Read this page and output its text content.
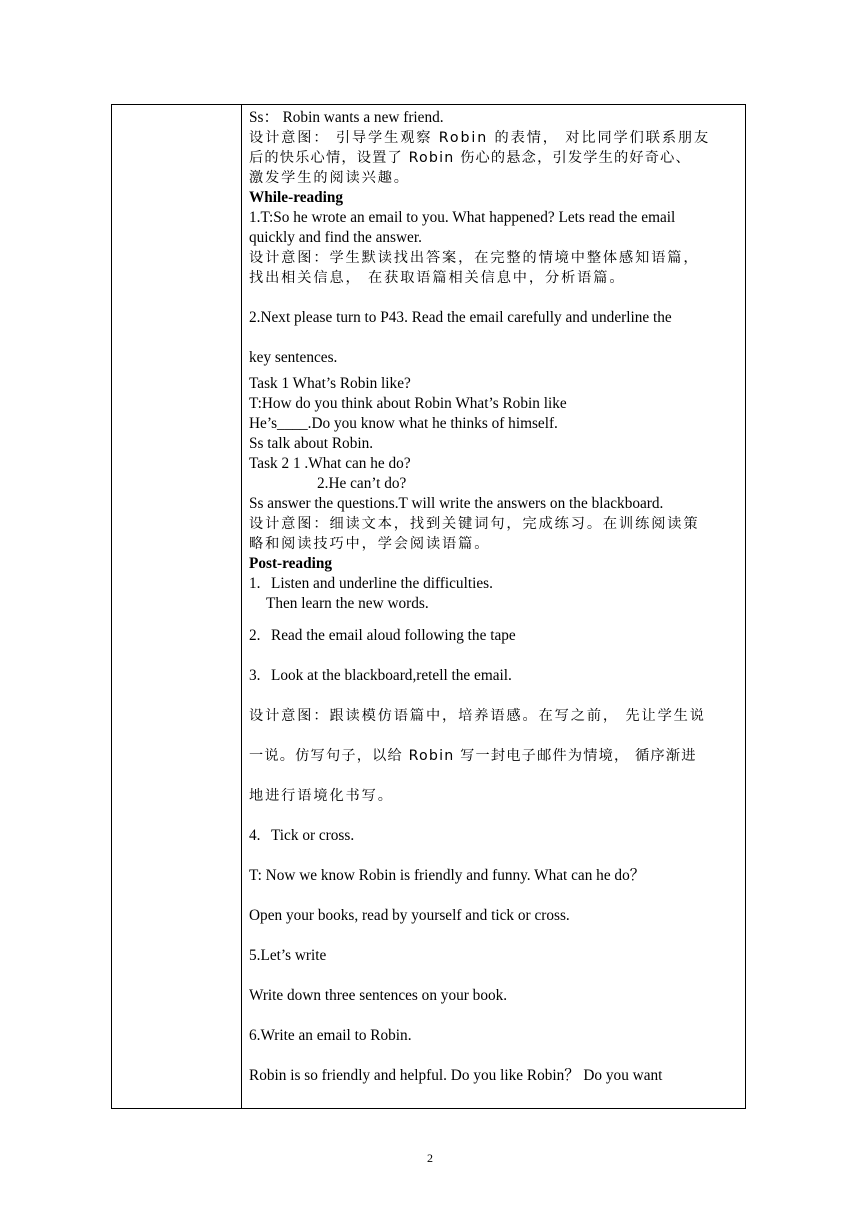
Ss： Robin wants a new friend.
设计意图： 引导学生观察 Robin 的表情， 对比同学们联系朋友
后的快乐心情，设置了 Robin 伤心的悬念，引发学生的好奇心、
激发学生的阅读兴趣。
While-reading
1.T:So he wrote an email to you. What happened? Lets read the email
quickly and find the answer.
设计意图：学生默读找出答案，在完整的情境中整体感知语篇，
找出相关信息， 在获取语篇相关信息中，分析语篇。
2.Next please turn to P43. Read the email carefully and underline the
key sentences.
Task 1 What’s Robin like?
T:How do you think about Robin What’s Robin like
He’s____.Do you know what he thinks of himself.
Ss talk about Robin.
Task 2 1 .What can he do?
2.He can’t do?
Ss answer the questions.T will write the answers on the blackboard.
设计意图：细读文本，找到关键词句，完成练习。在训练阅读策
略和阅读技巧中，学会阅读语篇。
Post-reading
1. Listen and underline the difficulties.
Then learn the new words.
2. Read the email aloud following the tape
3. Look at the blackboard,retell the email.
设计意图：跟读模仿语篇中，培养语感。在写之前， 先让学生说
一说。仿写句子，以给 Robin 写一封电子邮件为情境， 循序渐进
地进行语境化书写。
4. Tick or cross.
T: Now we know Robin is friendly and funny. What can he do？
Open your books, read by yourself and tick or cross.
5.Let’s write
Write down three sentences on your book.
6.Write an email to Robin.
Robin is so friendly and helpful. Do you like Robin？ Do you want
2
